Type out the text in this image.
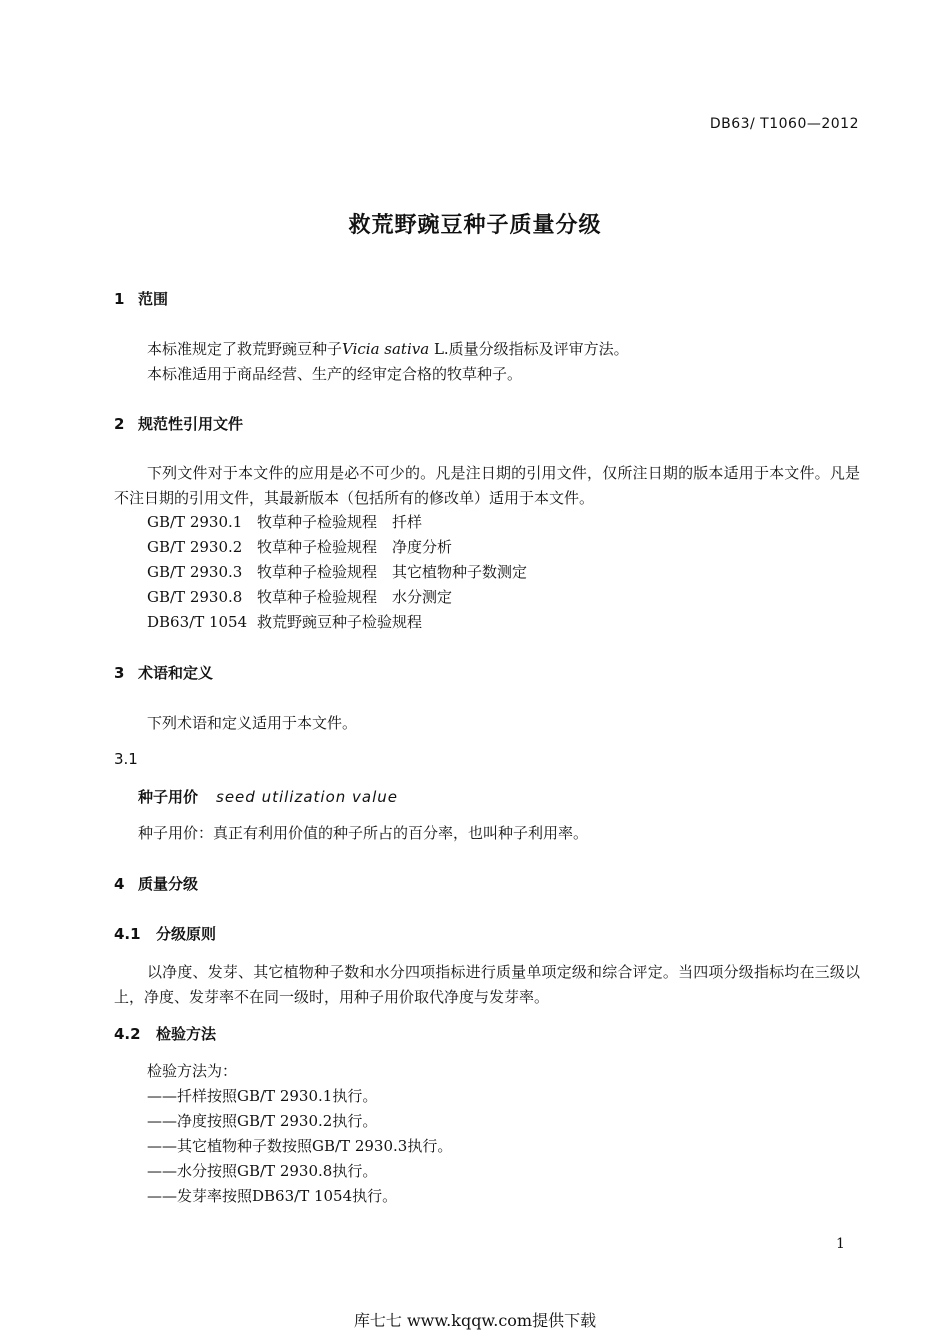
DB63/ T1060—2012
救荒野豌豆种子质量分级
1 范围
本标准规定了救荒野豌豆种子Vicia sativa L.质量分级指标及评审方法。
本标准适用于商品经营、生产的经审定合格的牧草种子。
2 规范性引用文件
下列文件对于本文件的应用是必不可少的。凡是注日期的引用文件，仅所注日期的版本适用于本文件。凡是不注日期的引用文件，其最新版本（包括所有的修改单）适用于本文件。
GB/T 2930.1 牧草种子检验规程　扦样
GB/T 2930.2 牧草种子检验规程　净度分析
GB/T 2930.3 牧草种子检验规程　其它植物种子数测定
GB/T 2930.8 牧草种子检验规程　水分测定
DB63/T 1054 救荒野豌豆种子检验规程
3 术语和定义
下列术语和定义适用于本文件。
3.1
种子用价 seed utilization value
种子用价：真正有利用价值的种子所占的百分率，也叫种子利用率。
4 质量分级
4.1 分级原则
以净度、发芽、其它植物种子数和水分四项指标进行质量单项定级和综合评定。当四项分级指标均在三级以上，净度、发芽率不在同一级时，用种子用价取代净度与发芽率。
4.2 检验方法
检验方法为：
——扦样按照GB/T 2930.1执行。
——净度按照GB/T 2930.2执行。
——其它植物种子数按照GB/T 2930.3执行。
——水分按照GB/T 2930.8执行。
——发芽率按照DB63/T 1054执行。
1
库七七 www.kqqw.com提供下载
